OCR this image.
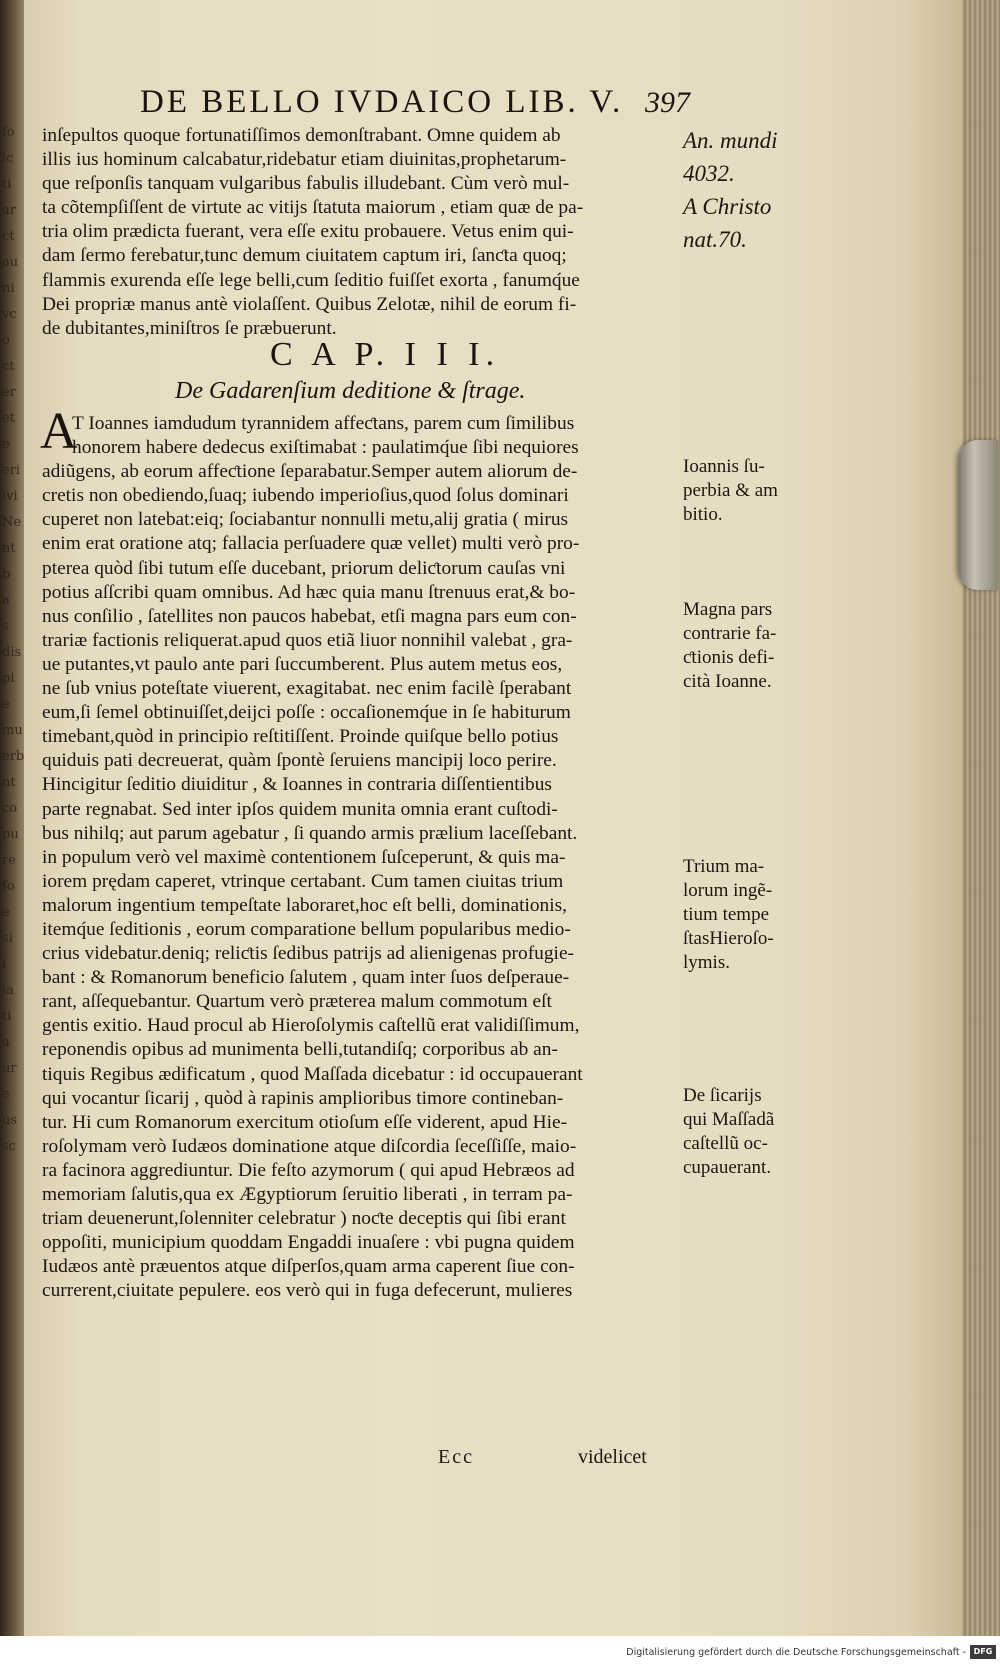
fo
lc
ti
ar
ct
au
ni
vc
o
ct
er
et
e
eri
ivi
Ne
nt
b
a
s
dis
pi
e
mu
erb
nt
co
pu
re
fo
e
si
i
ia
ti
a
ur
e
us
sc
DE BELLO IVDAICO LIB. V. 397
inſepultos quoque fortunatiſſimos demonſtrabant. Omne quidem ab
illis ius hominum calcabatur,ridebatur etiam diuinitas,prophetarum-
que reſponſis tanquam vulgaribus fabulis illudebant. Cùm verò mul-
ta cõtempſiſſent de virtute ac vitijs ſtatuta maiorum , etiam quæ de pa-
tria olim prædicta fuerant, vera eſſe exitu probauere. Vetus enim qui-
dam ſermo ferebatur,tunc demum ciuitatem captum iri, ſanƈta quoq;
flammis exurenda eſſe lege belli,cum ſeditio fuiſſet exorta , fanumq́ue
Dei propriæ manus antè violaſſent. Quibus Zelotæ, nihil de eorum fi-
de dubitantes,miniſtros ſe præbuerunt.
C A P. I I I.
De Gadarenſium deditione & ſtrage.
A
T Ioannes iamdudum tyrannidem affeƈtans, parem cum ſimilibus
honorem habere dedecus exiſtimabat : paulatimq́ue ſibi nequiores
adiũgens, ab eorum affeƈtione ſeparabatur.Semper autem aliorum de-
cretis non obediendo,ſuaq; iubendo imperioſius,quod ſolus dominari
cuperet non latebat:eiq; ſociabantur nonnulli metu,alij gratia ( mirus
enim erat oratione atq; fallacia perſuadere quæ vellet) multi verò pro-
pterea quòd ſibi tutum eſſe ducebant, priorum deliƈtorum cauſas vni
potius aſſcribi quam omnibus. Ad hæc quia manu ſtrenuus erat,& bo-
nus conſilio , ſatellites non paucos habebat, etſi magna pars eum con-
trariæ factionis reliquerat.apud quos etiã liuor nonnihil valebat , gra-
ue putantes,vt paulo ante pari ſuccumberent. Plus autem metus eos,
ne ſub vnius poteſtate viuerent, exagitabat. nec enim facilè ſperabant
eum,ſi ſemel obtinuiſſet,deijci poſſe : occaſionemq́ue in ſe habiturum
timebant,quòd in principio reſtitiſſent. Proinde quiſque bello potius
quiduis pati decreuerat, quàm ſpontè ſeruiens mancipij loco perire.
Hincigitur ſeditio diuiditur , & Ioannes in contraria diſſentientibus
parte regnabat. Sed inter ipſos quidem munita omnia erant cuſtodi-
bus nihilq; aut parum agebatur , ſi quando armis prælium laceſſebant.
in populum verò vel maximè contentionem ſuſceperunt, & quis ma-
iorem prędam caperet, vtrinque certabant. Cum tamen ciuitas trium
malorum ingentium tempeſtate laboraret,hoc eſt belli, dominationis,
itemq́ue ſeditionis , eorum comparatione bellum popularibus medio-
crius videbatur.deniq; reliƈtis ſedibus patrijs ad alienigenas profugie-
bant : & Romanorum beneficio ſalutem , quam inter ſuos deſperaue-
rant, aſſequebantur. Quartum verò præterea malum commotum eſt
gentis exitio. Haud procul ab Hieroſolymis caſtellũ erat validiſſimum,
reponendis opibus ad munimenta belli,tutandiſq; corporibus ab an-
tiquis Regibus ædificatum , quod Maſſada dicebatur : id occupauerant
qui vocantur ſicarij , quòd à rapinis amplioribus timore contineban-
tur. Hi cum Romanorum exercitum otioſum eſſe viderent, apud Hie-
roſolymam verò Iudæos dominatione atque diſcordia ſeceſſiſſe, maio-
ra facinora aggrediuntur. Die feſto azymorum ( qui apud Hebræos ad
memoriam ſalutis,qua ex Ægyptiorum ſeruitio liberati , in terram pa-
triam deuenerunt,ſolenniter celebratur ) noƈte deceptis qui ſibi erant
oppoſiti, municipium quoddam Engaddi inuaſere : vbi pugna quidem
Iudæos antè præuentos atque diſperſos,quam arma caperent ſiue con-
currerent,ciuitate pepulere. eos verò qui in fuga defecerunt, mulieres
An. mundi
4032.
A Christo
nat.70.
Ioannis ſu-
perbia & am
bitio.
Magna pars
contrarie fa-
ƈtionis defi-
cità Ioanne.
Trium ma-
lorum ingẽ-
tium tempe
ſtasHieroſo-
lymis.
De ſicarijs
qui Maſſadã
caſtellũ oc-
cupauerant.
Ecc	videlicet
Digitalisierung gefördert durch die Deutsche Forschungsgemeinschaft - DFG
